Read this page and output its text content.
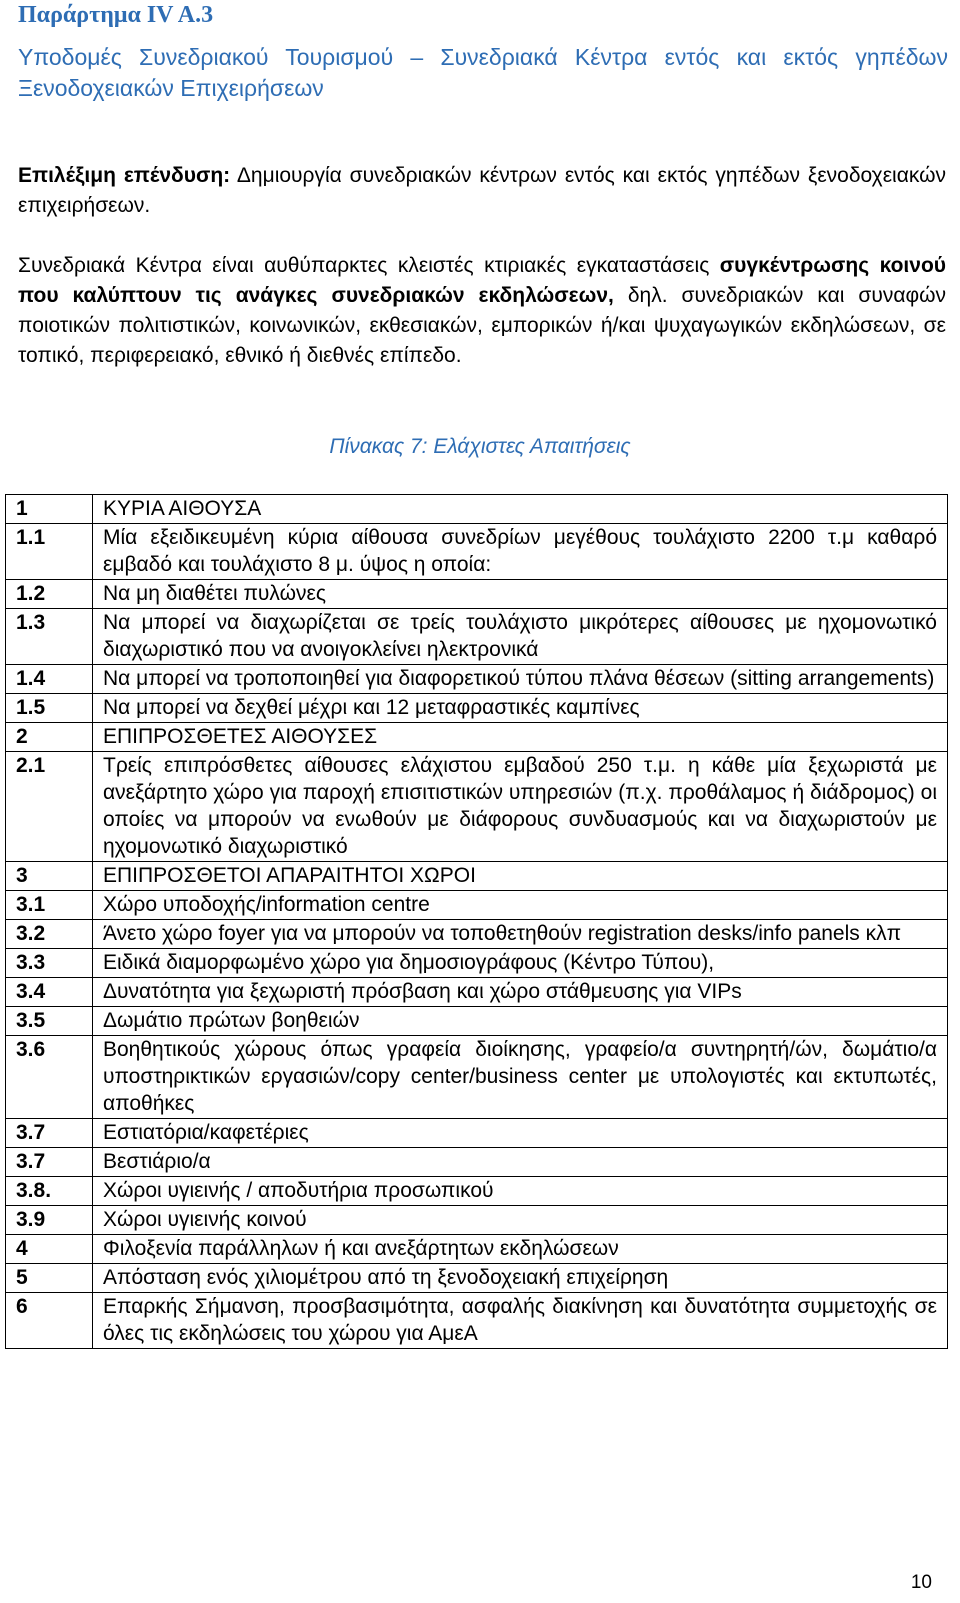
Παράρτημα IV A.3
Υποδομές Συνεδριακού Τουρισμού – Συνεδριακά Κέντρα εντός και εκτός γηπέδων Ξενοδοχειακών Επιχειρήσεων
Επιλέξιμη επένδυση: Δημιουργία συνεδριακών κέντρων εντός και εκτός γηπέδων ξενοδοχειακών επιχειρήσεων.
Συνεδριακά Κέντρα είναι αυθύπαρκτες κλειστές κτιριακές εγκαταστάσεις συγκέντρωσης κοινού που καλύπτουν τις ανάγκες συνεδριακών εκδηλώσεων, δηλ. συνεδριακών και συναφών ποιοτικών πολιτιστικών, κοινωνικών, εκθεσιακών, εμπορικών ή/και ψυχαγωγικών εκδηλώσεων, σε τοπικό, περιφερειακό, εθνικό ή διεθνές επίπεδο.
Πίνακας 7: Ελάχιστες Απαιτήσεις
1	ΚΥΡΙΑ ΑΙΘΟΥΣΑ
1.1	Μία εξειδικευμένη κύρια αίθουσα συνεδρίων μεγέθους τουλάχιστο 2200 τ.μ καθαρό εμβαδό και τουλάχιστο 8 μ. ύψος η οποία:
1.2	Να μη διαθέτει πυλώνες
1.3	Να μπορεί να διαχωρίζεται σε τρείς τουλάχιστο μικρότερες αίθουσες με ηχομονωτικό διαχωριστικό που να ανοιγοκλείνει ηλεκτρονικά
1.4	Να μπορεί να τροποποιηθεί για διαφορετικού τύπου πλάνα θέσεων (sitting arrangements)
1.5	Να μπορεί να δεχθεί μέχρι και 12 μεταφραστικές καμπίνες
2	ΕΠΙΠΡΟΣΘΕΤΕΣ ΑΙΘΟΥΣΕΣ
2.1	Τρείς επιπρόσθετες αίθουσες ελάχιστου εμβαδού 250 τ.μ. η κάθε μία ξεχωριστά με ανεξάρτητο χώρο για παροχή επισιτιστικών υπηρεσιών (π.χ. προθάλαμος ή διάδρομος) οι οποίες να μπορούν να ενωθούν με διάφορους συνδυασμούς και να διαχωριστούν με ηχομονωτικό διαχωριστικό
3	ΕΠΙΠΡΟΣΘΕΤΟΙ ΑΠΑΡΑΙΤΗΤΟΙ ΧΩΡΟΙ
3.1	Χώρο υποδοχής/information centre
3.2	Άνετο χώρο foyer για να μπορούν να τοποθετηθούν registration desks/info panels κλπ
3.3	Ειδικά διαμορφωμένο χώρο για δημοσιογράφους (Κέντρο Τύπου),
3.4	Δυνατότητα για ξεχωριστή πρόσβαση και χώρο στάθμευσης για VIPs
3.5	Δωμάτιο πρώτων βοηθειών
3.6	Βοηθητικούς χώρους όπως γραφεία διοίκησης, γραφείο/α συντηρητή/ών, δωμάτιο/α υποστηρικτικών εργασιών/copy center/business center με υπολογιστές και εκτυπωτές, αποθήκες
3.7	Εστιατόρια/καφετέριες
3.7	Βεστιάριο/α
3.8.	Χώροι υγιεινής / αποδυτήρια προσωπικού
3.9	Χώροι υγιεινής κοινού
4	Φιλοξενία παράλληλων ή και ανεξάρτητων εκδηλώσεων
5	Απόσταση ενός χιλιομέτρου από τη ξενοδοχειακή επιχείρηση
6	Επαρκής Σήμανση, προσβασιμότητα, ασφαλής διακίνηση και δυνατότητα συμμετοχής σε όλες τις εκδηλώσεις του χώρου για ΑμεΑ
10
